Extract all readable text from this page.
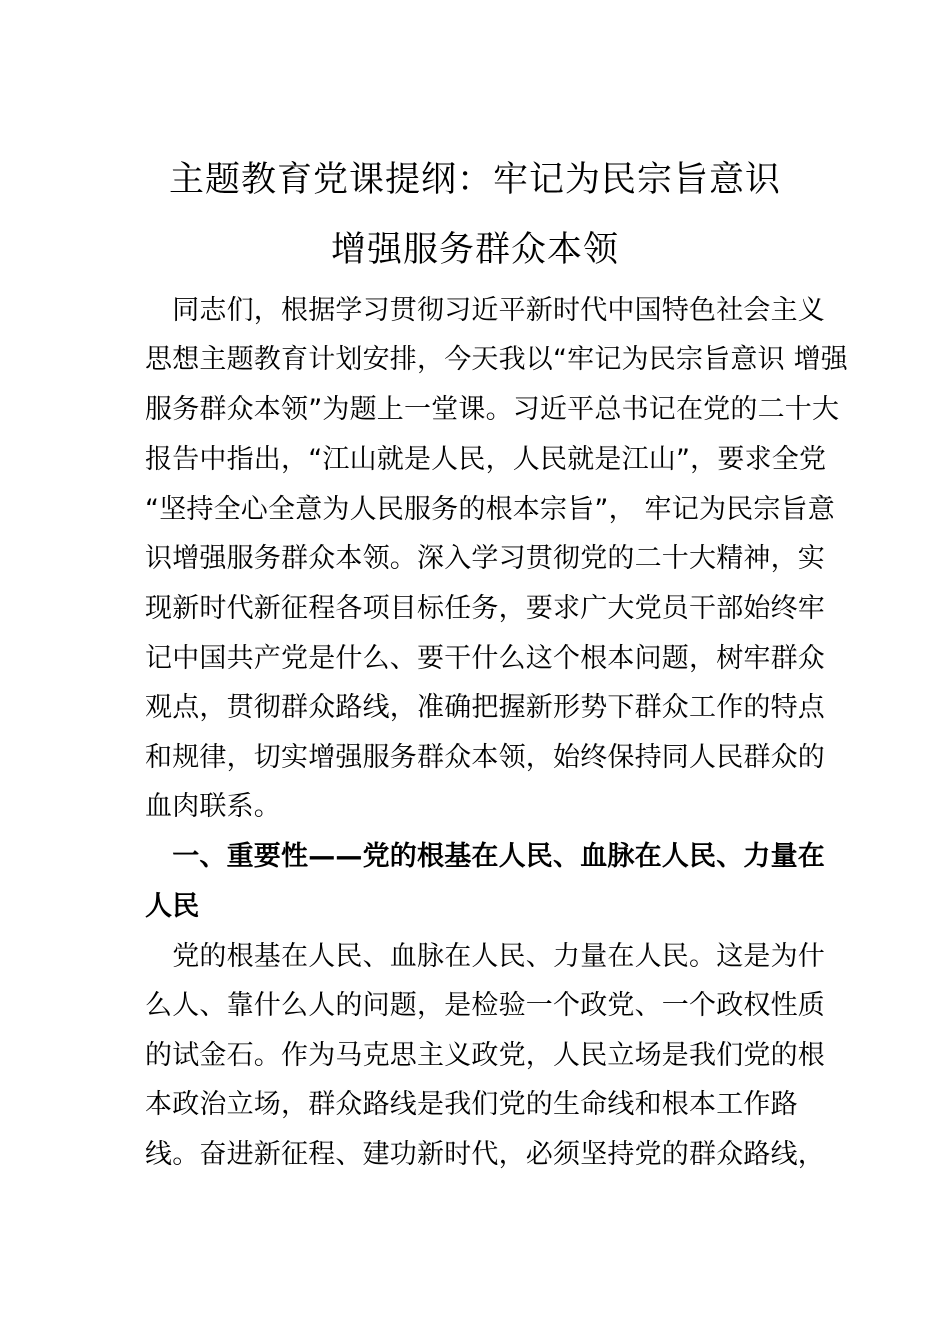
主题教育党课提纲：牢记为民宗旨意识
增强服务群众本领
　同志们，根据学习贯彻习近平新时代中国特色社会主义
思想主题教育计划安排，今天我以“牢记为民宗旨意识 增强
服务群众本领”为题上一堂课。习近平总书记在党的二十大
报告中指出，“江山就是人民，人民就是江山”，要求全党
“坚持全心全意为人民服务的根本宗旨”， 牢记为民宗旨意
识增强服务群众本领。深入学习贯彻党的二十大精神，实
现新时代新征程各项目标任务，要求广大党员干部始终牢
记中国共产党是什么、要干什么这个根本问题，树牢群众
观点，贯彻群众路线，准确把握新形势下群众工作的特点
和规律，切实增强服务群众本领，始终保持同人民群众的
血肉联系。
　一、重要性——党的根基在人民、血脉在人民、力量在
人民
　党的根基在人民、血脉在人民、力量在人民。这是为什
么人、靠什么人的问题，是检验一个政党、一个政权性质
的试金石。作为马克思主义政党，人民立场是我们党的根
本政治立场，群众路线是我们党的生命线和根本工作路
线。奋进新征程、建功新时代，必须坚持党的群众路线，
